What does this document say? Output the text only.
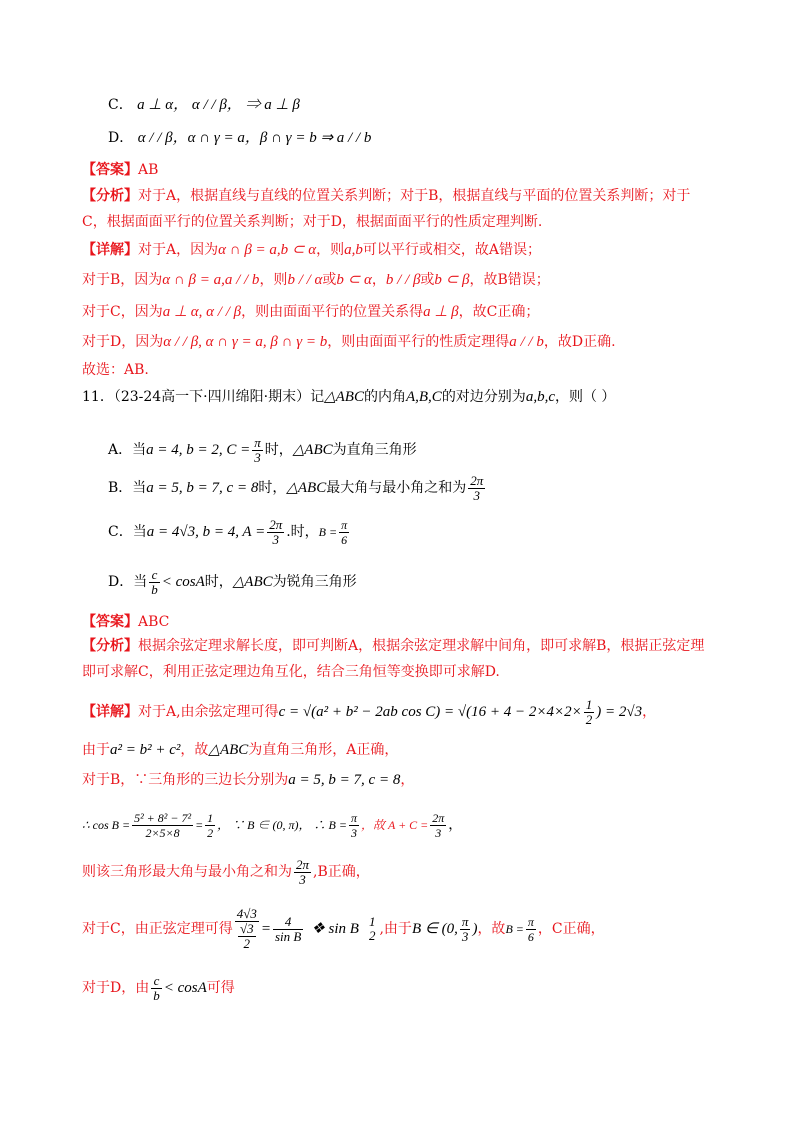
C． a ⊥ α， α / / β， ⇒ a ⊥ β
D． α / / β，α ∩ γ = a，β ∩ γ = b ⇒ a / / b
【答案】AB
【分析】对于A，根据直线与直线的位置关系判断；对于B，根据直线与平面的位置关系判断；对于
C，根据面面平行的位置关系判断；对于D，根据面面平行的性质定理判断.
【详解】对于A，因为α ∩ β = a,b ⊂ α，则a,b可以平行或相交，故A错误；
对于B，因为α ∩ β = a,a / / b，则b / / α或b ⊂ α，b / / β或b ⊂ β，故B错误；
对于C，因为a ⊥ α, α / / β，则由面面平行的位置关系得a ⊥ β，故C正确；
对于D，因为α / / β, α ∩ γ = a, β ∩ γ = b，则由面面平行的性质定理得a / / b，故D正确.
故选：AB.
11．（23-24高一下·四川绵阳·期末）记△ABC的内角A,B,C的对边分别为a,b,c，则（ ）
A．当a = 4, b = 2, $C = \frac{\pi}{3}$ 时，△ABC为直角三角形
B．当a = 5, b = 7, c = 8时，△ABC最大角与最小角之和为 $\frac{2\pi}{3}$
C．当a = 4√3, b = 4, $A = \frac{2\pi}{3}$ .时，$B = \frac{\pi}{6}$
D．当 $\frac{c}{b} < \cos A$时，△ABC为锐角三角形
【答案】ABC
【分析】根据余弦定理求解长度，即可判断A，根据余弦定理求解中间角，即可求解B，根据正弦定理
即可求解C，利用正弦定理边角互化，结合三角恒等变换即可求解D.
【详解】对于A,由余弦定理可得c = √(a² + b² − 2ab $\cos C) = √(16 + 4 - 2\times 4\times 2\times \frac{1}{2}$ ) = 2√3，
由于a² = b² + c²，故△ABC为直角三角形，A正确，
对于B，∵三角形的三边长分别为a = 5, b = 7, c = 8，
∴ $\cos B = \frac{\text{5² + 8² − 7²}}{2\times 5\times 8} = \frac{1}{2}$ ， ∵ B ∈ (0, π)， ∴ $B = \frac{\pi}{3}$ ，故 $A + C = \frac{2\pi}{3}$ ，
则该三角形最大角与最小角之和为 $\frac{2\pi}{3} ,B$正确，
对于C，由正弦定理可得 $\frac{4√3}{\frac{√3}{2}} = \frac{4}{\text{sin B}}$ ❖ sin B 1
2 ,由于B ∈ (0, $\frac{\pi}{3}$ )，故$B = \frac{\pi}{6}$ ，C正确，
对于D，由 $\frac{c}{b} < \cos A$可得
